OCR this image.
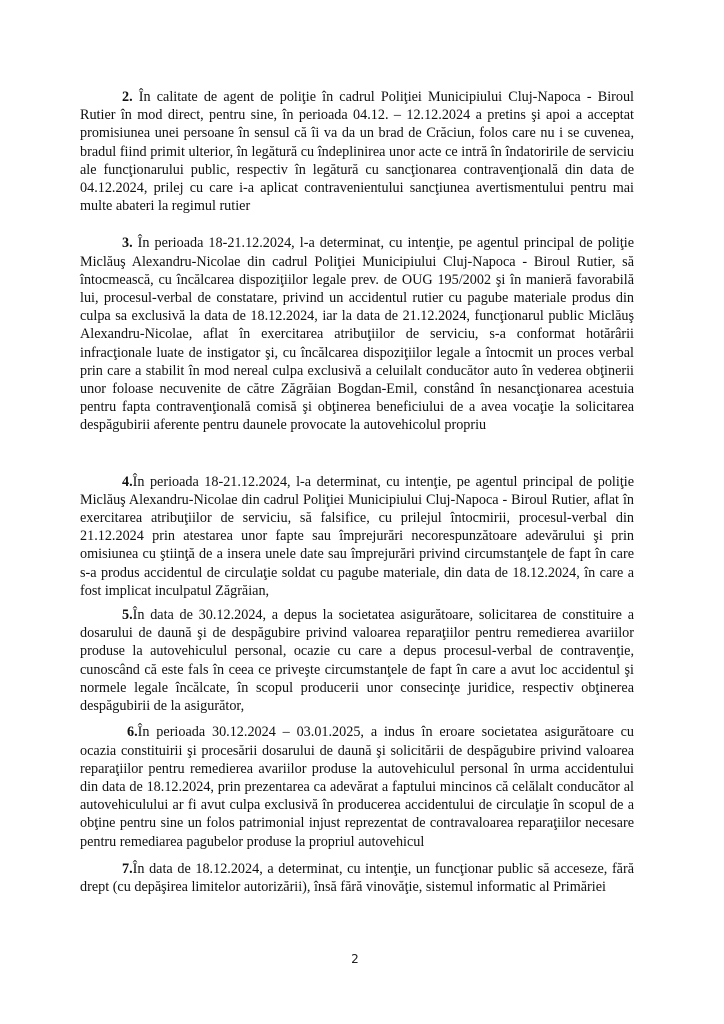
2. În calitate de agent de poliţie în cadrul Poliţiei Municipiului Cluj-Napoca - Biroul Rutier în mod direct, pentru sine, în perioada 04.12. – 12.12.2024 a pretins şi apoi a acceptat promisiunea unei persoane în sensul că îi va da un brad de Crăciun, folos care nu i se cuvenea, bradul fiind primit ulterior, în legătură cu îndeplinirea unor acte ce intră în îndatoririle de serviciu ale funcţionarului public, respectiv în legătură cu sancţionarea contravenţională din data de 04.12.2024, prilej cu care i-a aplicat contravenientului sancţiunea avertismentului pentru mai multe abateri la regimul rutier

3. În perioada 18-21.12.2024, l-a determinat, cu intenţie, pe agentul principal de poliţie Miclăuş Alexandru-Nicolae din cadrul Poliţiei Municipiului Cluj-Napoca - Biroul Rutier, să întocmească, cu încălcarea dispoziţiilor legale prev. de OUG 195/2002 şi în manieră favorabilă lui, procesul-verbal de constatare, privind un accidentul rutier cu pagube materiale produs din culpa sa exclusivă la data de 18.12.2024, iar la data de 21.12.2024, funcţionarul public Miclăuş Alexandru-Nicolae, aflat în exercitarea atribuţiilor de serviciu, s-a conformat hotărârii infracţionale luate de instigator şi, cu încălcarea dispoziţiilor legale a întocmit un proces verbal prin care a stabilit în mod nereal culpa exclusivă a celuilalt conducător auto în vederea obţinerii unor foloase necuvenite de către Zăgrăian Bogdan-Emil, constând în nesancţionarea acestuia pentru fapta contravenţională comisă şi obţinerea beneficiului de a avea vocaţie la solicitarea despăgubirii aferente pentru daunele provocate la autovehicolul propriu

4.În perioada 18-21.12.2024, l-a determinat, cu intenţie, pe agentul principal de poliţie Miclăuş Alexandru-Nicolae din cadrul Poliţiei Municipiului Cluj-Napoca - Biroul Rutier, aflat în exercitarea atribuţiilor de serviciu, să falsifice, cu prilejul întocmirii, procesul-verbal din 21.12.2024 prin atestarea unor fapte sau împrejurări necorespunzătoare adevărului şi prin omisiunea cu ştiinţă de a insera unele date sau împrejurări privind circumstanţele de fapt în care s-a produs accidentul de circulaţie soldat cu pagube materiale, din data de 18.12.2024, în care a fost implicat inculpatul Zăgrăian,

5.În data de 30.12.2024, a depus la societatea asigurătoare, solicitarea de constituire a dosarului de daună şi de despăgubire privind valoarea reparaţiilor pentru remedierea avariilor produse la autovehiculul personal, ocazie cu care a depus procesul-verbal de contravenţie, cunoscând că este fals în ceea ce priveşte circumstanţele de fapt în care a avut loc accidentul şi normele legale încălcate, în scopul producerii unor consecinţe juridice, respectiv obţinerea despăgubirii de la asigurător,

6.În perioada 30.12.2024 – 03.01.2025, a indus în eroare societatea asigurătoare cu ocazia constituirii şi procesării dosarului de daună şi solicitării de despăgubire privind valoarea reparaţiilor pentru remedierea avariilor produse la autovehiculul personal în urma accidentului din data de 18.12.2024, prin prezentarea ca adevărat a faptului mincinos că celălalt conducător al autovehiculului ar fi avut culpa exclusivă în producerea accidentului de circulaţie în scopul de a obţine pentru sine un folos patrimonial injust reprezentat de contravaloarea reparaţiilor necesare pentru remediarea pagubelor produse la propriul autovehicul

7.În data de 18.12.2024, a determinat, cu intenţie, un funcţionar public să acceseze, fără drept (cu depăşirea limitelor autorizării), însă fără vinovăţie, sistemul informatic al Primăriei

2
